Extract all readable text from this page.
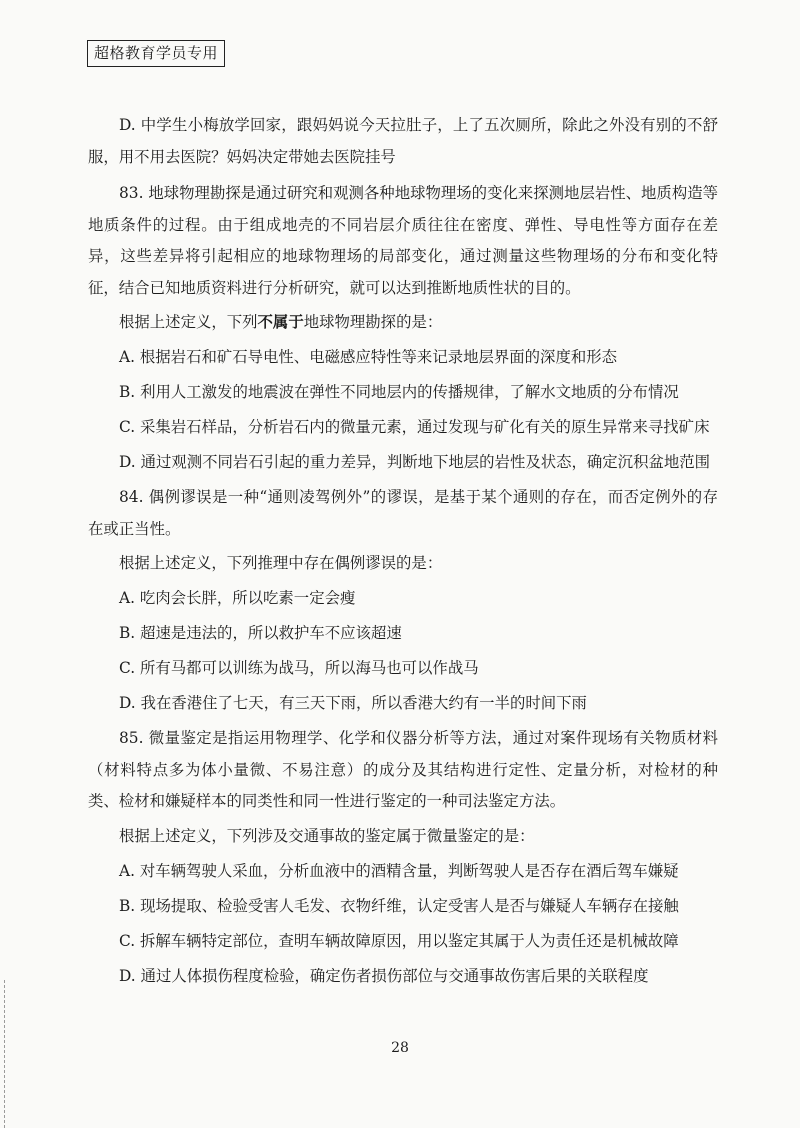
超格教育学员专用

D. 中学生小梅放学回家，跟妈妈说今天拉肚子，上了五次厕所，除此之外没有别的不舒服，用不用去医院？妈妈决定带她去医院挂号

83. 地球物理勘探是通过研究和观测各种地球物理场的变化来探测地层岩性、地质构造等地质条件的过程。由于组成地壳的不同岩层介质往往在密度、弹性、导电性等方面存在差异，这些差异将引起相应的地球物理场的局部变化，通过测量这些物理场的分布和变化特征，结合已知地质资料进行分析研究，就可以达到推断地质性状的目的。

根据上述定义，下列不属于地球物理勘探的是：

A. 根据岩石和矿石导电性、电磁感应特性等来记录地层界面的深度和形态

B. 利用人工激发的地震波在弹性不同地层内的传播规律，了解水文地质的分布情况

C. 采集岩石样品，分析岩石内的微量元素，通过发现与矿化有关的原生异常来寻找矿床

D. 通过观测不同岩石引起的重力差异，判断地下地层的岩性及状态，确定沉积盆地范围

84. 偶例谬误是一种“通则凌驾例外”的谬误，是基于某个通则的存在，而否定例外的存在或正当性。

根据上述定义，下列推理中存在偶例谬误的是：

A. 吃肉会长胖，所以吃素一定会瘦

B. 超速是违法的，所以救护车不应该超速

C. 所有马都可以训练为战马，所以海马也可以作战马

D. 我在香港住了七天，有三天下雨，所以香港大约有一半的时间下雨

85. 微量鉴定是指运用物理学、化学和仪器分析等方法，通过对案件现场有关物质材料（材料特点多为体小量微、不易注意）的成分及其结构进行定性、定量分析，对检材的种类、检材和嫌疑样本的同类性和同一性进行鉴定的一种司法鉴定方法。

根据上述定义，下列涉及交通事故的鉴定属于微量鉴定的是：

A. 对车辆驾驶人采血，分析血液中的酒精含量，判断驾驶人是否存在酒后驾车嫌疑

B. 现场提取、检验受害人毛发、衣物纤维，认定受害人是否与嫌疑人车辆存在接触

C. 拆解车辆特定部位，查明车辆故障原因，用以鉴定其属于人为责任还是机械故障

D. 通过人体损伤程度检验，确定伤者损伤部位与交通事故伤害后果的关联程度

28
